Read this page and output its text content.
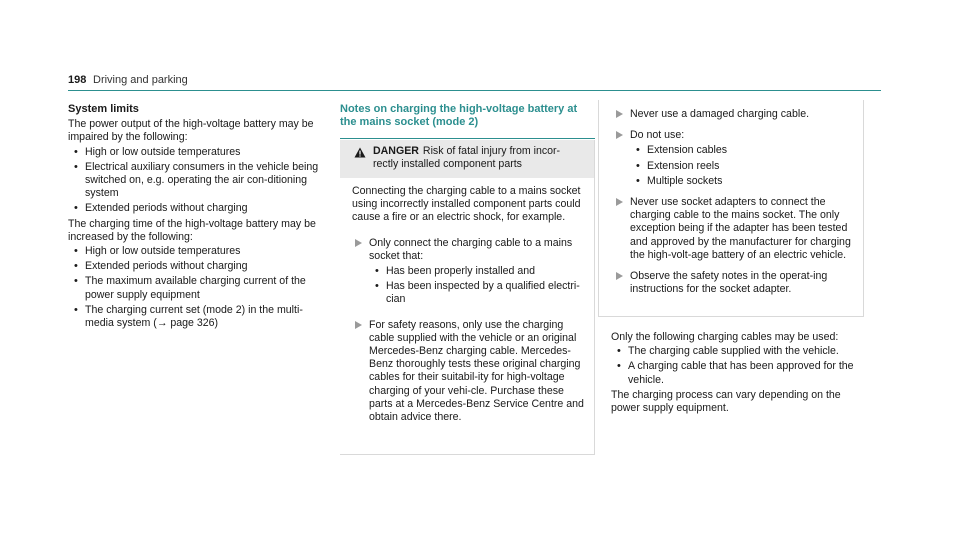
198 Driving and parking
System limits

The power output of the high-voltage battery may be impaired by the following:

• High or low outside temperatures
• Electrical auxiliary consumers in the vehicle being switched on, e.g. operating the air con-ditioning system
• Extended periods without charging

The charging time of the high-voltage battery may be increased by the following:

• High or low outside temperatures
• Extended periods without charging
• The maximum available charging current of the power supply equipment
• The charging current set (mode 2) in the multi-media system (→ page 326)
Notes on charging the high-voltage battery at the mains socket (mode 2)
DANGER Risk of fatal injury from incor-rectly installed component parts

Connecting the charging cable to a mains socket using incorrectly installed component parts could cause a fire or an electric shock, for example.

Only connect the charging cable to a mains socket that:

• Has been properly installed and
• Has been inspected by a qualified electri-cian

For safety reasons, only use the charging cable supplied with the vehicle or an original Mercedes-Benz charging cable. Mercedes-Benz thoroughly tests these original charging cables for their suitabil-ity for high-voltage charging of your vehi-cle. Purchase these parts at a Mercedes-Benz Service Centre and obtain advice there.

Never use a damaged charging cable.

Do not use:

• Extension cables
• Extension reels
• Multiple sockets

Never use socket adapters to connect the charging cable to the mains socket. The only exception being if the adapter has been tested and approved by the manufacturer for charging the high-volt-age battery of an electric vehicle.

Observe the safety notes in the operat-ing instructions for the socket adapter.

Only the following charging cables may be used:

• The charging cable supplied with the vehicle.
• A charging cable that has been approved for the vehicle.

The charging process can vary depending on the power supply equipment.
